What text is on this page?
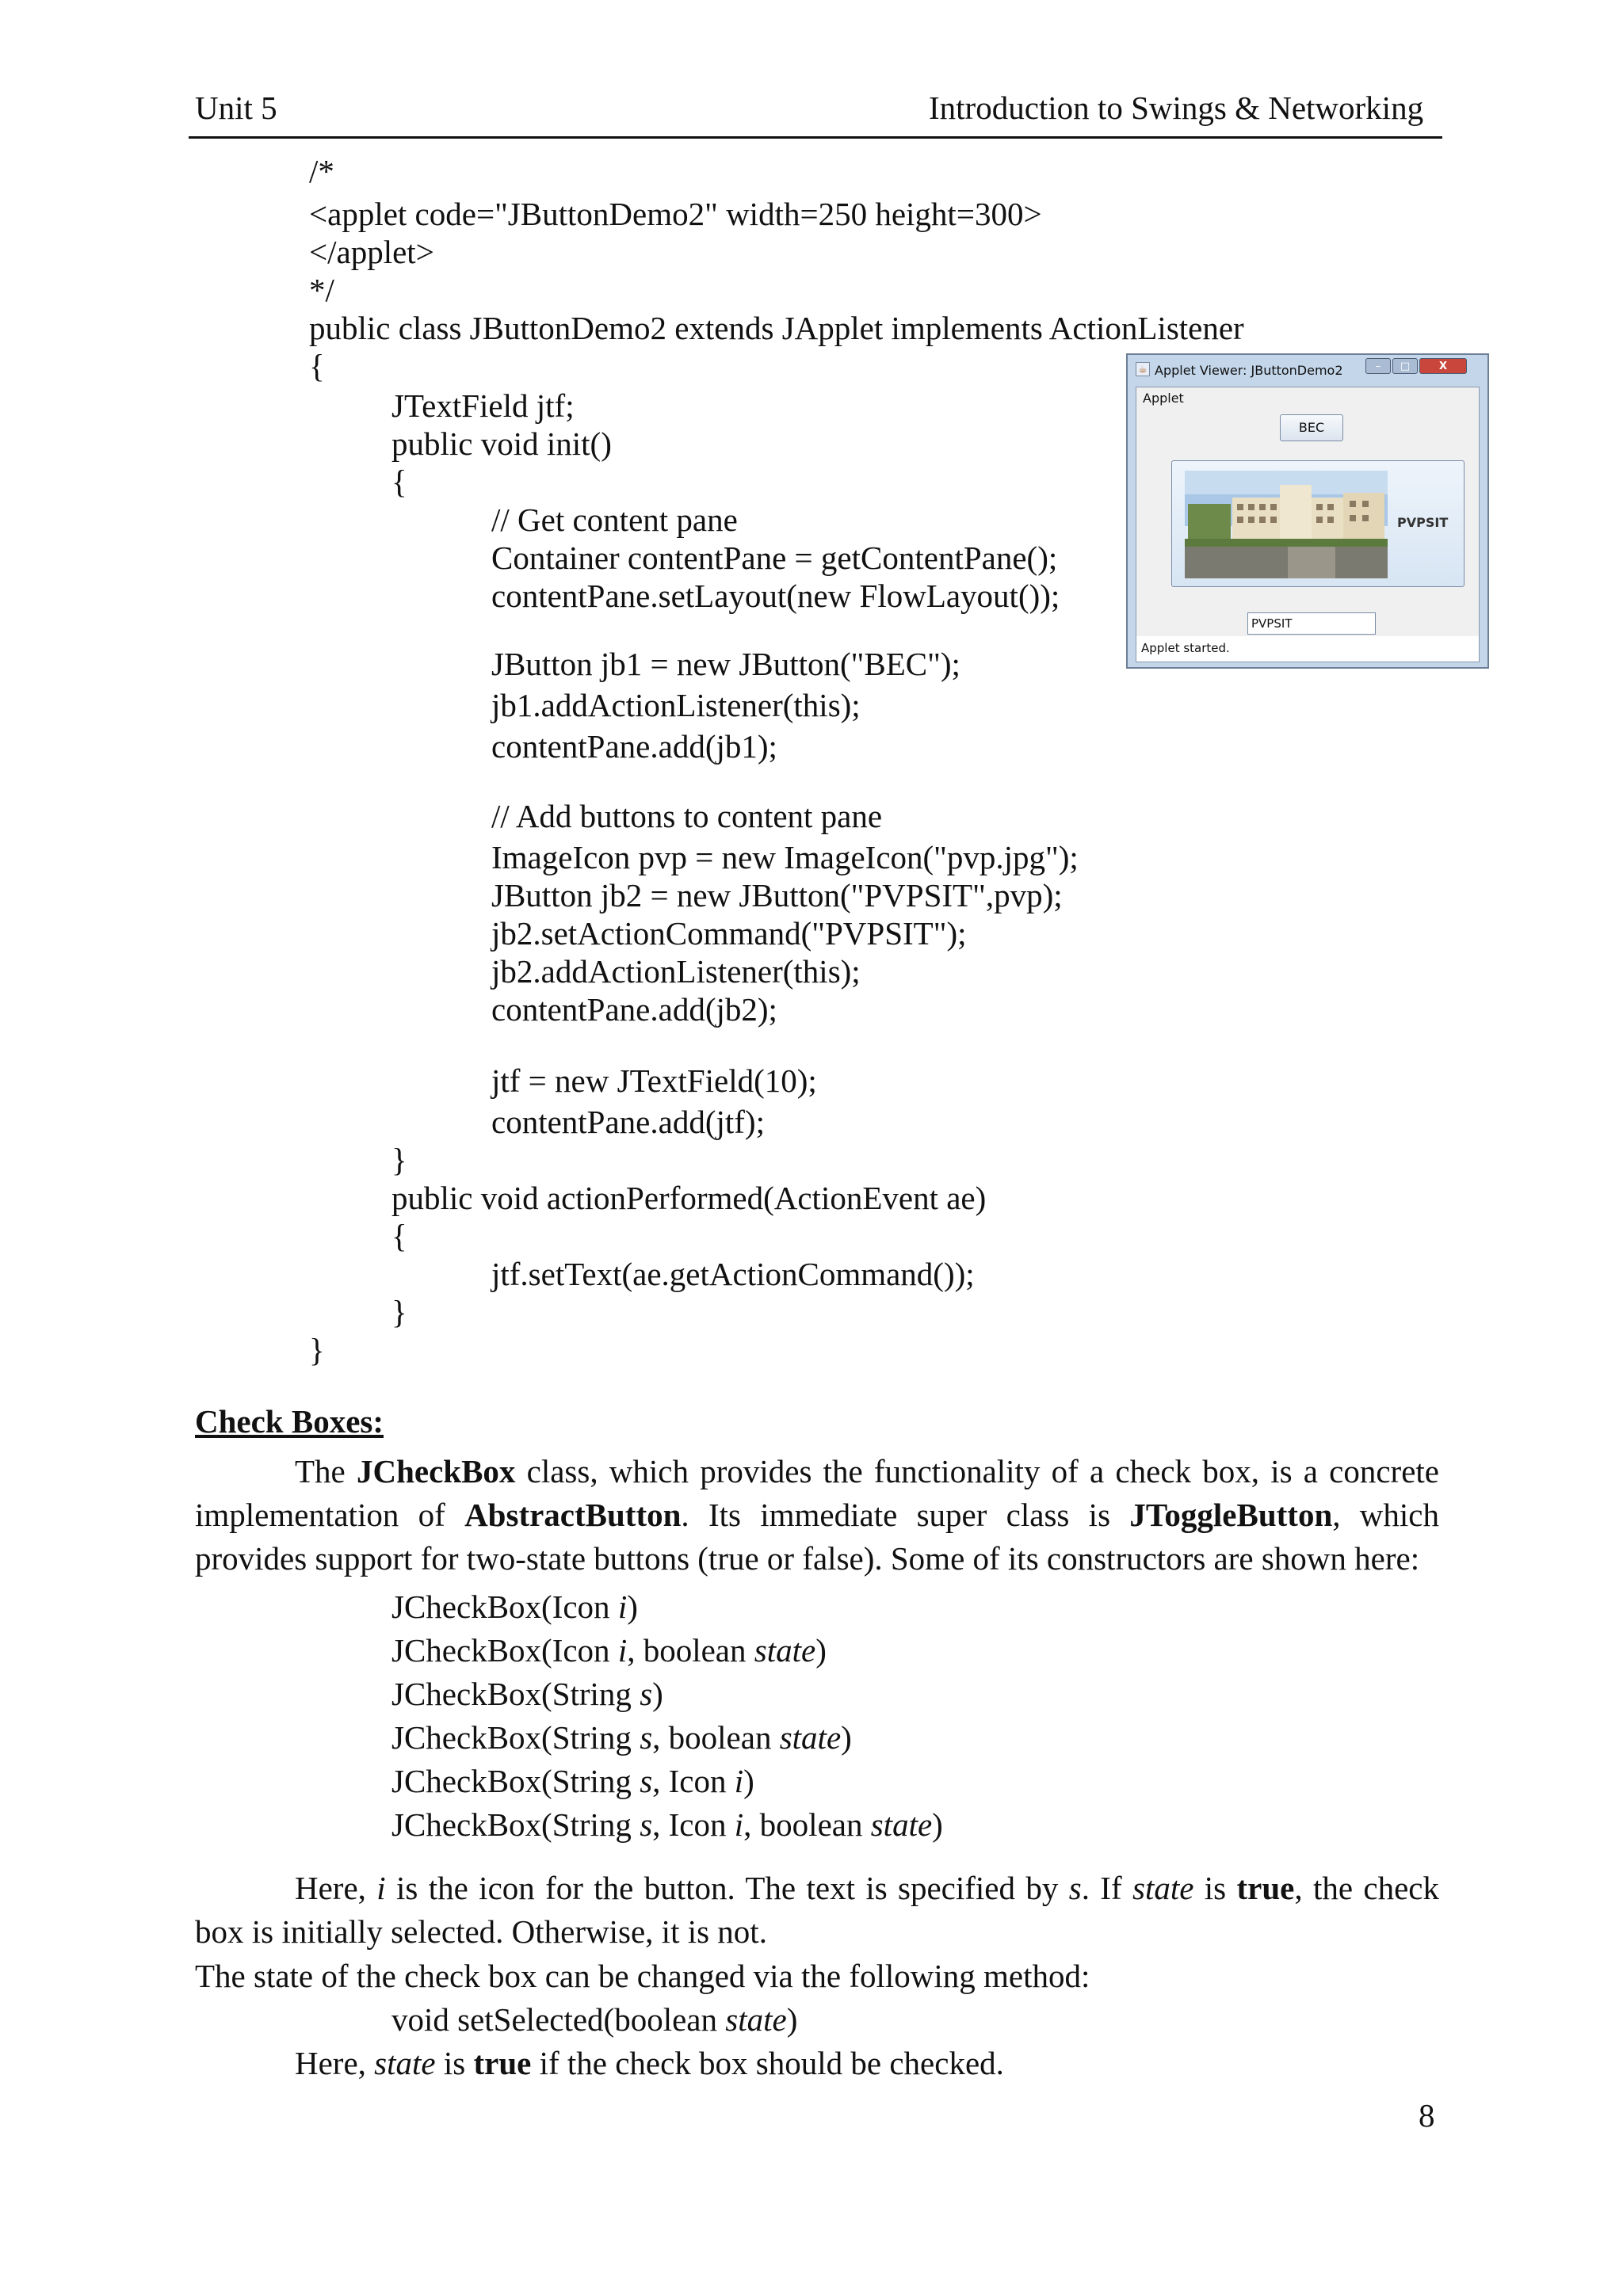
Unit 5	Introduction to Swings & Networking
/*
<applet code="JButtonDemo2" width=250 height=300>
</applet>
*/
public class JButtonDemo2 extends JApplet implements ActionListener
{
JTextField jtf;
public void init()
{
// Get content pane
Container contentPane = getContentPane();
contentPane.setLayout(new FlowLayout());
JButton jb1 = new JButton("BEC");
jb1.addActionListener(this);
contentPane.add(jb1);
// Add buttons to content pane
ImageIcon pvp = new ImageIcon("pvp.jpg");
JButton jb2 = new JButton("PVPSIT",pvp);
jb2.setActionCommand("PVPSIT");
jb2.addActionListener(this);
contentPane.add(jb2);
jtf = new JTextField(10);
contentPane.add(jtf);
}
public void actionPerformed(ActionEvent ae)
{
jtf.setText(ae.getActionCommand());
}
}
☕ Applet Viewer: JButtonDemo2	–	□	X
Applet
BEC
PVPSIT
PVPSIT
Applet started.
Check Boxes:
The JCheckBox class, which provides the functionality of a check box, is a concrete implementation of AbstractButton. Its immediate super class is JToggleButton, which provides support for two-state buttons (true or false). Some of its constructors are shown here:
JCheckBox(Icon i)
JCheckBox(Icon i, boolean state)
JCheckBox(String s)
JCheckBox(String s, boolean state)
JCheckBox(String s, Icon i)
JCheckBox(String s, Icon i, boolean state)
Here, i is the icon for the button. The text is specified by s. If state is true, the check box is initially selected. Otherwise, it is not.
The state of the check box can be changed via the following method:
void setSelected(boolean state)
Here, state is true if the check box should be checked.
8
